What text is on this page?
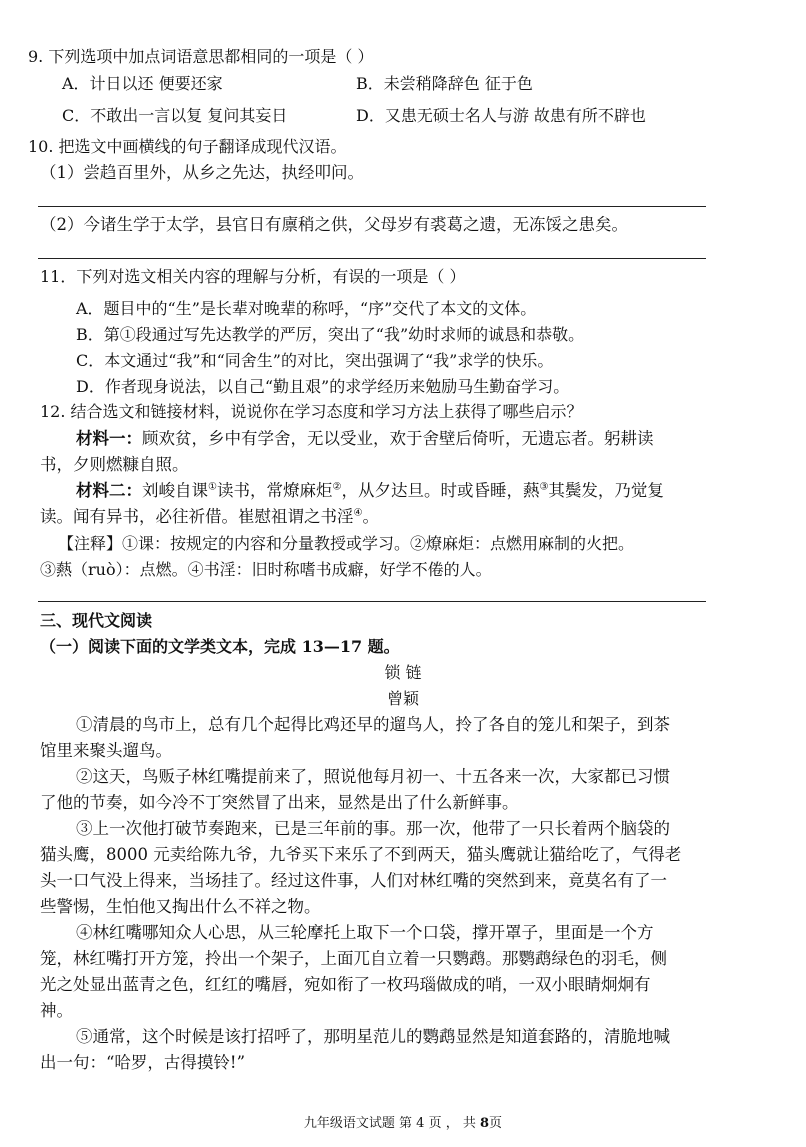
9. 下列选项中加点词语意思都相同的一项是（ ）
A．计日以还 便要还家	B．未尝稍降辞色 征于色
C．不敢出一言以复 复问其妄日	D．又患无硕士名人与游 故患有所不辟也
10. 把选文中画横线的句子翻译成现代汉语。
（1）尝趋百里外，从乡之先达，执经叩问。
（2）今诸生学于太学，县官日有廪稍之供，父母岁有裘葛之遗，无冻馁之患矣。
11．下列对选文相关内容的理解与分析，有误的一项是（ ）
A．题目中的“生”是长辈对晚辈的称呼，“序”交代了本文的文体。
B．第①段通过写先达教学的严厉，突出了“我”幼时求师的诚恳和恭敬。
C．本文通过“我”和“同舍生”的对比，突出强调了“我”求学的快乐。
D．作者现身说法，以自己“勤且艰”的求学经历来勉励马生勤奋学习。
12. 结合选文和链接材料，说说你在学习态度和学习方法上获得了哪些启示？
材料一：顾欢贫，乡中有学舍，无以受业，欢于舍壁后倚听，无遗忘者。躬耕读
书，夕则燃糠自照。
材料二：刘峻自课①读书，常燎麻炬②，从夕达旦。时或昏睡，爇③其鬓发，乃觉复
读。闻有异书，必往祈借。崔慰祖谓之书淫④。
【注释】①课：按规定的内容和分量教授或学习。②燎麻炬：点燃用麻制的火把。
③爇（ruò）：点燃。④书淫：旧时称嗜书成癖，好学不倦的人。
三、现代文阅读
（一）阅读下面的文学类文本，完成 13—17 题。
锁 链
曾颖
①清晨的鸟市上，总有几个起得比鸡还早的遛鸟人，拎了各自的笼儿和架子，到茶
馆里来聚头遛鸟。
②这天，鸟贩子林红嘴提前来了，照说他每月初一、十五各来一次，大家都已习惯
了他的节奏，如今冷不丁突然冒了出来，显然是出了什么新鲜事。
③上一次他打破节奏跑来，已是三年前的事。那一次，他带了一只长着两个脑袋的
猫头鹰，8000 元卖给陈九爷，九爷买下来乐了不到两天，猫头鹰就让猫给吃了，气得老
头一口气没上得来，当场挂了。经过这件事，人们对林红嘴的突然到来，竟莫名有了一
些警惕，生怕他又掏出什么不祥之物。
④林红嘴哪知众人心思，从三轮摩托上取下一个口袋，撑开罩子，里面是一个方
笼，林红嘴打开方笼，拎出一个架子，上面兀自立着一只鹦鹉。那鹦鹉绿色的羽毛，侧
光之处显出蓝青之色，红红的嘴唇，宛如衔了一枚玛瑙做成的哨，一双小眼睛炯炯有
神。
⑤通常，这个时候是该打招呼了，那明星范儿的鹦鹉显然是知道套路的，清脆地喊
出一句：“哈罗，古得摸铃!”
九年级语文试题 第 4 页 ， 共 8页
